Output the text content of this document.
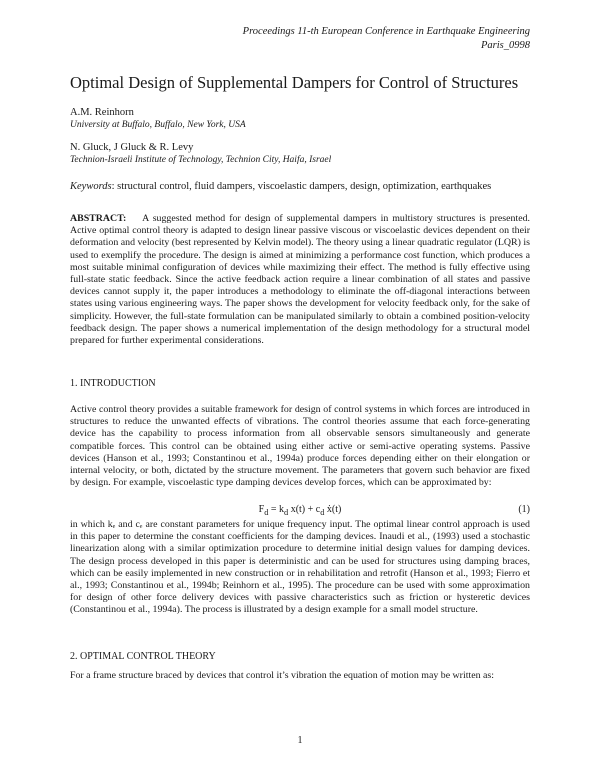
Proceedings 11-th European Conference in Earthquake Engineering
Paris_0998
Optimal Design of Supplemental Dampers for Control of Structures
A.M. Reinhorn
University at Buffalo, Buffalo, New York, USA
N. Gluck, J Gluck & R. Levy
Technion-Israeli Institute of Technology, Technion City, Haifa, Israel
Keywords: structural control, fluid dampers, viscoelastic dampers, design, optimization, earthquakes
ABSTRACT: A suggested method for design of supplemental dampers in multistory structures is presented. Active optimal control theory is adapted to design linear passive viscous or viscoelastic devices dependent on their deformation and velocity (best represented by Kelvin model). The theory using a linear quadratic regulator (LQR) is used to exemplify the procedure. The design is aimed at minimizing a performance cost function, which produces a most suitable minimal configuration of devices while maximizing their effect. The method is fully effective using full-state static feedback. Since the active feedback action require a linear combination of all states and passive devices cannot supply it, the paper introduces a methodology to eliminate the off-diagonal interactions between states using various engineering ways. The paper shows the development for velocity feedback only, for the sake of simplicity. However, the full-state formulation can be manipulated similarly to obtain a combined position-velocity feedback design. The paper shows a numerical implementation of the design methodology for a structural model prepared for further experimental considerations.
1. INTRODUCTION
Active control theory provides a suitable framework for design of control systems in which forces are introduced in structures to reduce the unwanted effects of vibrations. The control theories assume that each force-generating device has the capability to process information from all observable sensors simultaneously and generate compatible forces. This control can be obtained using either active or semi-active operating systems. Passive devices (Hanson et al., 1993; Constantinou et al., 1994a) produce forces depending either on their elongation or internal velocity, or both, dictated by the structure movement. The parameters that govern such behavior are fixed by design. For example, viscoelastic type damping devices develop forces, which can be approximated by:
$F_d = k_d$ $x(t) + c_d$ ẋ(t)	(1)
in which kₑ and cₑ are constant parameters for unique frequency input. The optimal linear control approach is used in this paper to determine the constant coefficients for the damping devices. Inaudi et al., (1993) used a stochastic linearization along with a similar optimization procedure to determine initial design values for damping devices. The design process developed in this paper is deterministic and can be used for structures using damping braces, which can be easily implemented in new construction or in rehabilitation and retrofit (Hanson et al., 1993; Fierro et al., 1993; Constantinou et al., 1994b; Reinhorn et al., 1995). The procedure can be used with some approximation for design of other force delivery devices with passive characteristics such as friction or hysteretic devices (Constantinou et al., 1994a). The process is illustrated by a design example for a small model structure.
2. OPTIMAL CONTROL THEORY
For a frame structure braced by devices that control it’s vibration the equation of motion may be written as:
1
